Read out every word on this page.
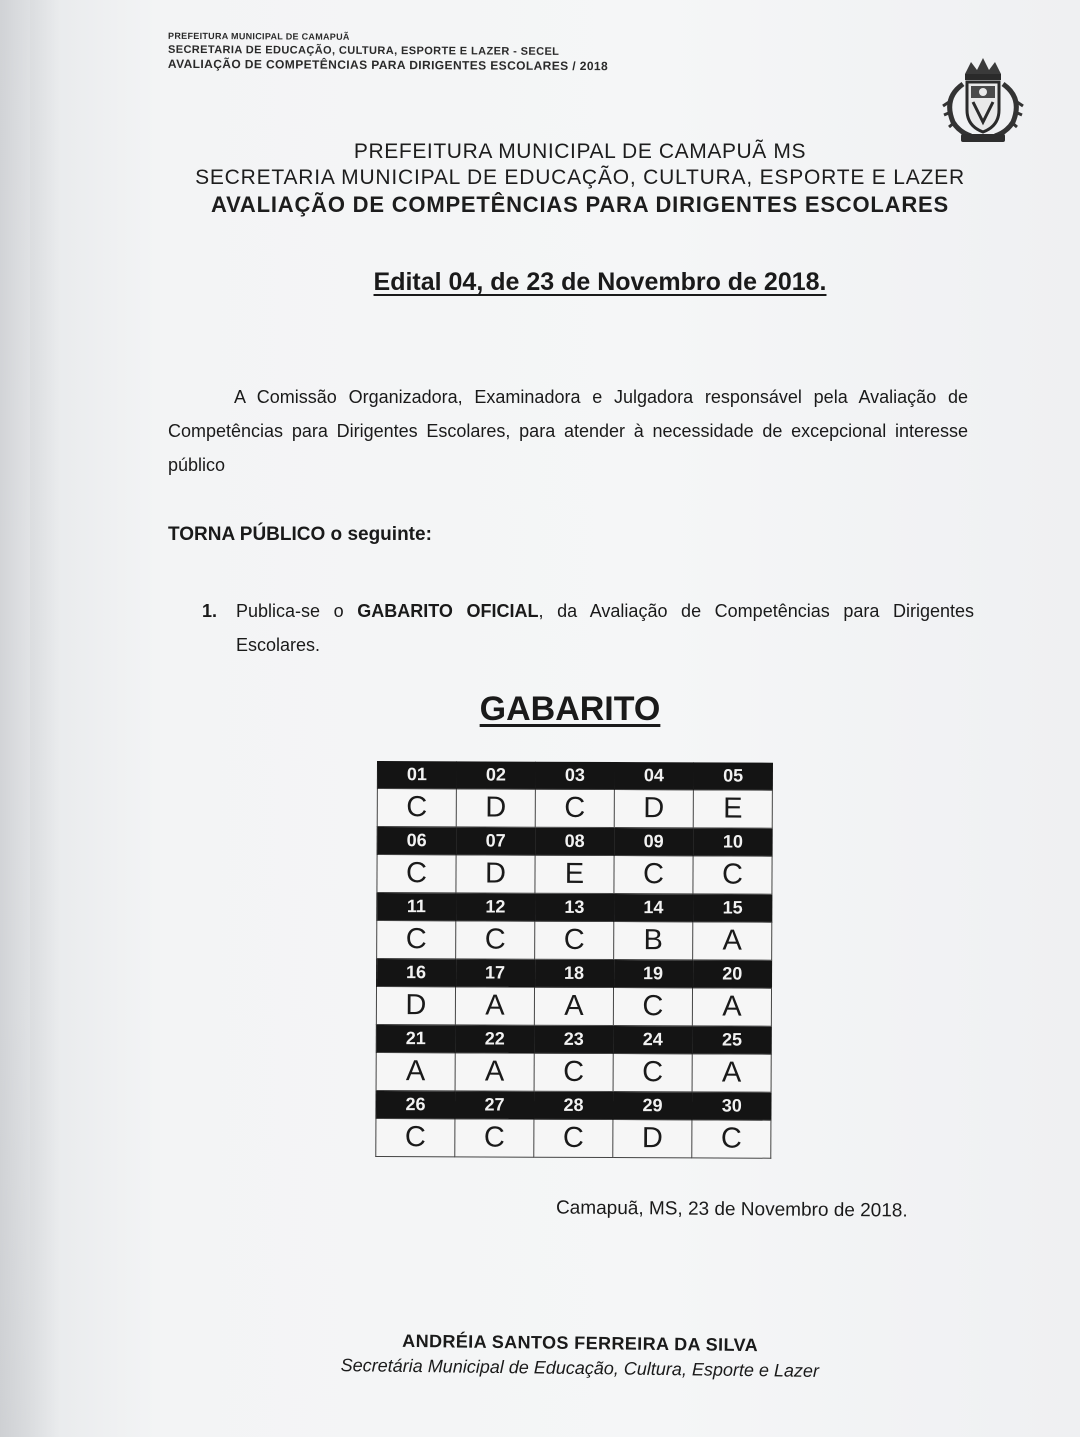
PREFEITURA MUNICIPAL DE CAMAPUÃ
SECRETARIA DE EDUCAÇÃO, CULTURA, ESPORTE E LAZER - SECEL
AVALIAÇÃO DE COMPETÊNCIAS PARA DIRIGENTES ESCOLARES / 2018
PREFEITURA MUNICIPAL DE CAMAPUÃ MS
SECRETARIA MUNICIPAL DE EDUCAÇÃO, CULTURA, ESPORTE E LAZER
AVALIAÇÃO DE COMPETÊNCIAS PARA DIRIGENTES ESCOLARES
Edital 04, de 23 de Novembro de 2018.
A Comissão Organizadora, Examinadora e Julgadora responsável pela Avaliação de Competências para Dirigentes Escolares, para atender à necessidade de excepcional interesse público
TORNA PÚBLICO o seguinte:
1. Publica-se o GABARITO OFICIAL, da Avaliação de Competências para Dirigentes Escolares.
GABARITO
01	02	03	04	05
C	D	C	D	E
06	07	08	09	10
C	D	E	C	C
11	12	13	14	15
C	C	C	B	A
16	17	18	19	20
D	A	A	C	A
21	22	23	24	25
A	A	C	C	A
26	27	28	29	30
C	C	C	D	C
Camapuã, MS, 23 de Novembro de 2018.
ANDRÉIA SANTOS FERREIRA DA SILVA
Secretária Municipal de Educação, Cultura, Esporte e Lazer
